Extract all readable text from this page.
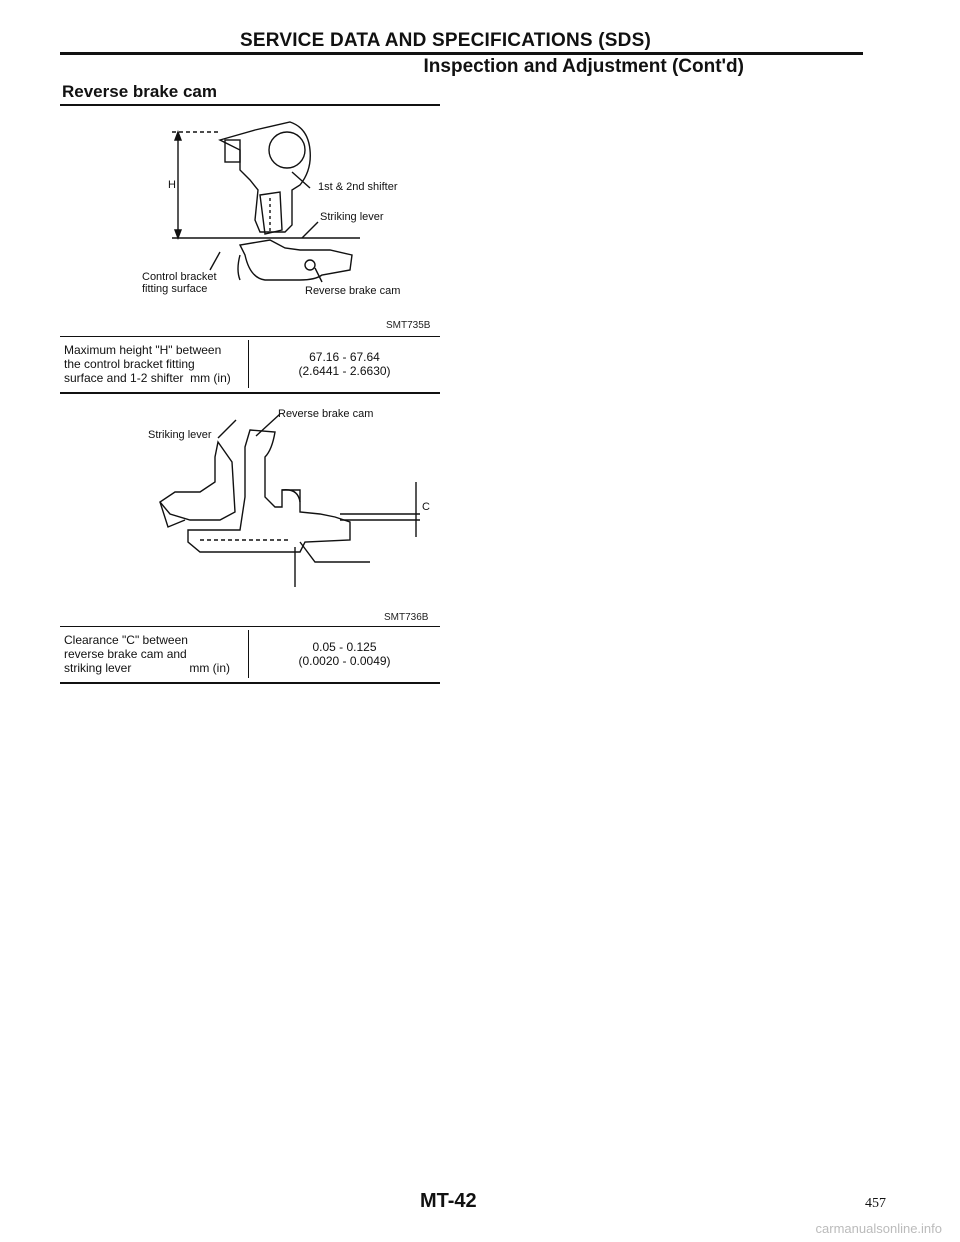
SERVICE DATA AND SPECIFICATIONS (SDS)
Inspection and Adjustment (Cont'd)
Reverse brake cam
H	1st & 2nd shifter
Striking lever
Control bracket
fitting surface	Reverse brake cam
SMT735B
Maximum height "H" between
the control bracket fitting
surface and 1-2 shifter mm (in)

67.16 - 67.64
(2.6441 - 2.6630)
Reverse brake cam
Striking lever
C
SMT736B
Clearance "C" between
reverse brake cam and
striking lever	mm (in)

0.05 - 0.125
(0.0020 - 0.0049)
MT-42	457
carmanualsonline.info
